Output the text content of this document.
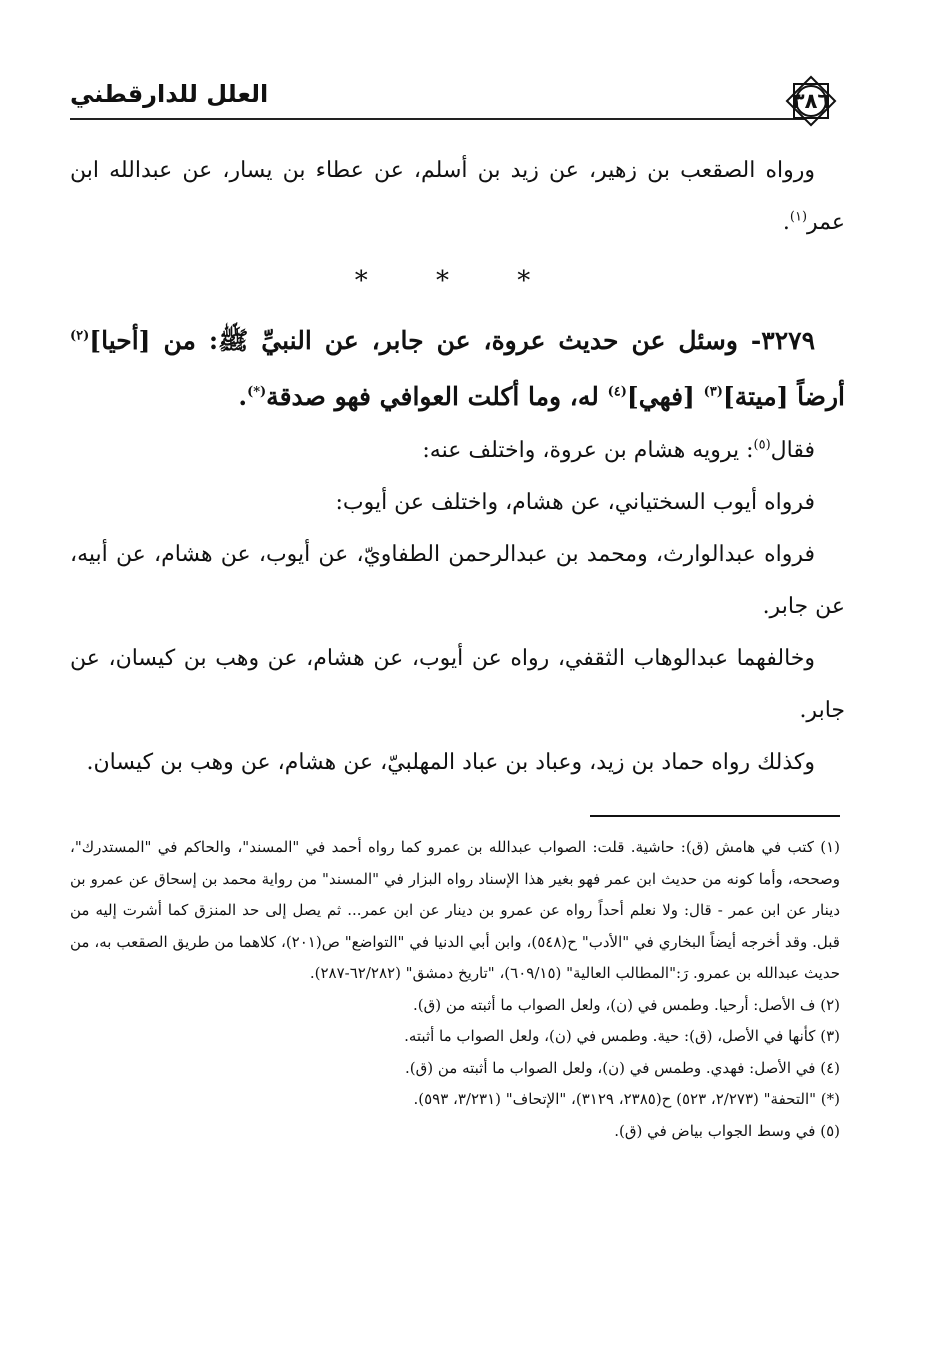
العلل للدارقطني	٣٨٦

ورواه الصقعب بن زهير، عن زيد بن أسلم، عن عطاء بن يسار، عن عبدالله ابن عمر$^{(١)}$.

* * *

٣٢٧٩- وسئل عن حديث عروة، عن جابر، عن النبيِّ ﷺ: من [أحيا]$^{(٢)}$ أرضاً [ميتة]$^{(٣)}$ [فهي]$^{(٤)}$ له، وما أكلت العوافي فهو صدقة(*).

فقال$^{(٥)}$: يرويه هشام بن عروة، واختلف عنه:

فرواه أيوب السختياني، عن هشام، واختلف عن أيوب:

فرواه عبدالوارث، ومحمد بن عبدالرحمن الطفاويّ، عن أيوب، عن هشام، عن أبيه، عن جابر.

وخالفهما عبدالوهاب الثقفي، رواه عن أيوب، عن هشام، عن وهب بن كيسان، عن جابر.

وكذلك رواه حماد بن زيد، وعباد بن عباد المهلبيّ، عن هشام، عن وهب بن كيسان.

(١) كتب في هامش (ق): حاشية. قلت: الصواب عبدالله بن عمرو كما رواه أحمد في "المسند"، والحاكم في "المستدرك"، وصححه، وأما كونه من حديث ابن عمر فهو بغير هذا الإسناد رواه البزار في "المسند" من رواية محمد بن إسحاق عن عمرو بن دينار عن ابن عمر - قال: ولا نعلم أحداً رواه عن عمرو بن دينار عن ابن عمر... ثم يصل إلى حد المنزق كما أشرت إليه من قبل. وقد أخرجه أيضاً البخاري في "الأدب" ح(٥٤٨)، وابن أبي الدنيا في "التواضع" ص(٢٠١)، كلاهما من طريق الصقعب به، من حديث عبدالله بن عمرو. رَ:"المطالب العالية" (٦٠٩/١٥)، "تاريخ دمشق" (٦٢/٢٨٢-٢٨٧).

(٢) ف الأصل: أرحيا. وطمس في (ن)، ولعل الصواب ما أثبته من (ق).

(٣) كأنها في الأصل، (ق): حية. وطمس في (ن)، ولعل الصواب ما أثبته.

(٤) في الأصل: فهدي. وطمس في (ن)، ولعل الصواب ما أثبته من (ق).

(*) "التحفة" (٢/٢٧٣، ٥٢٣) ح(٢٣٨٥، ٣١٢٩)، "الإتحاف" (٣/٢٣١، ٥٩٣).

(٥) في وسط الجواب بياض في (ق).
